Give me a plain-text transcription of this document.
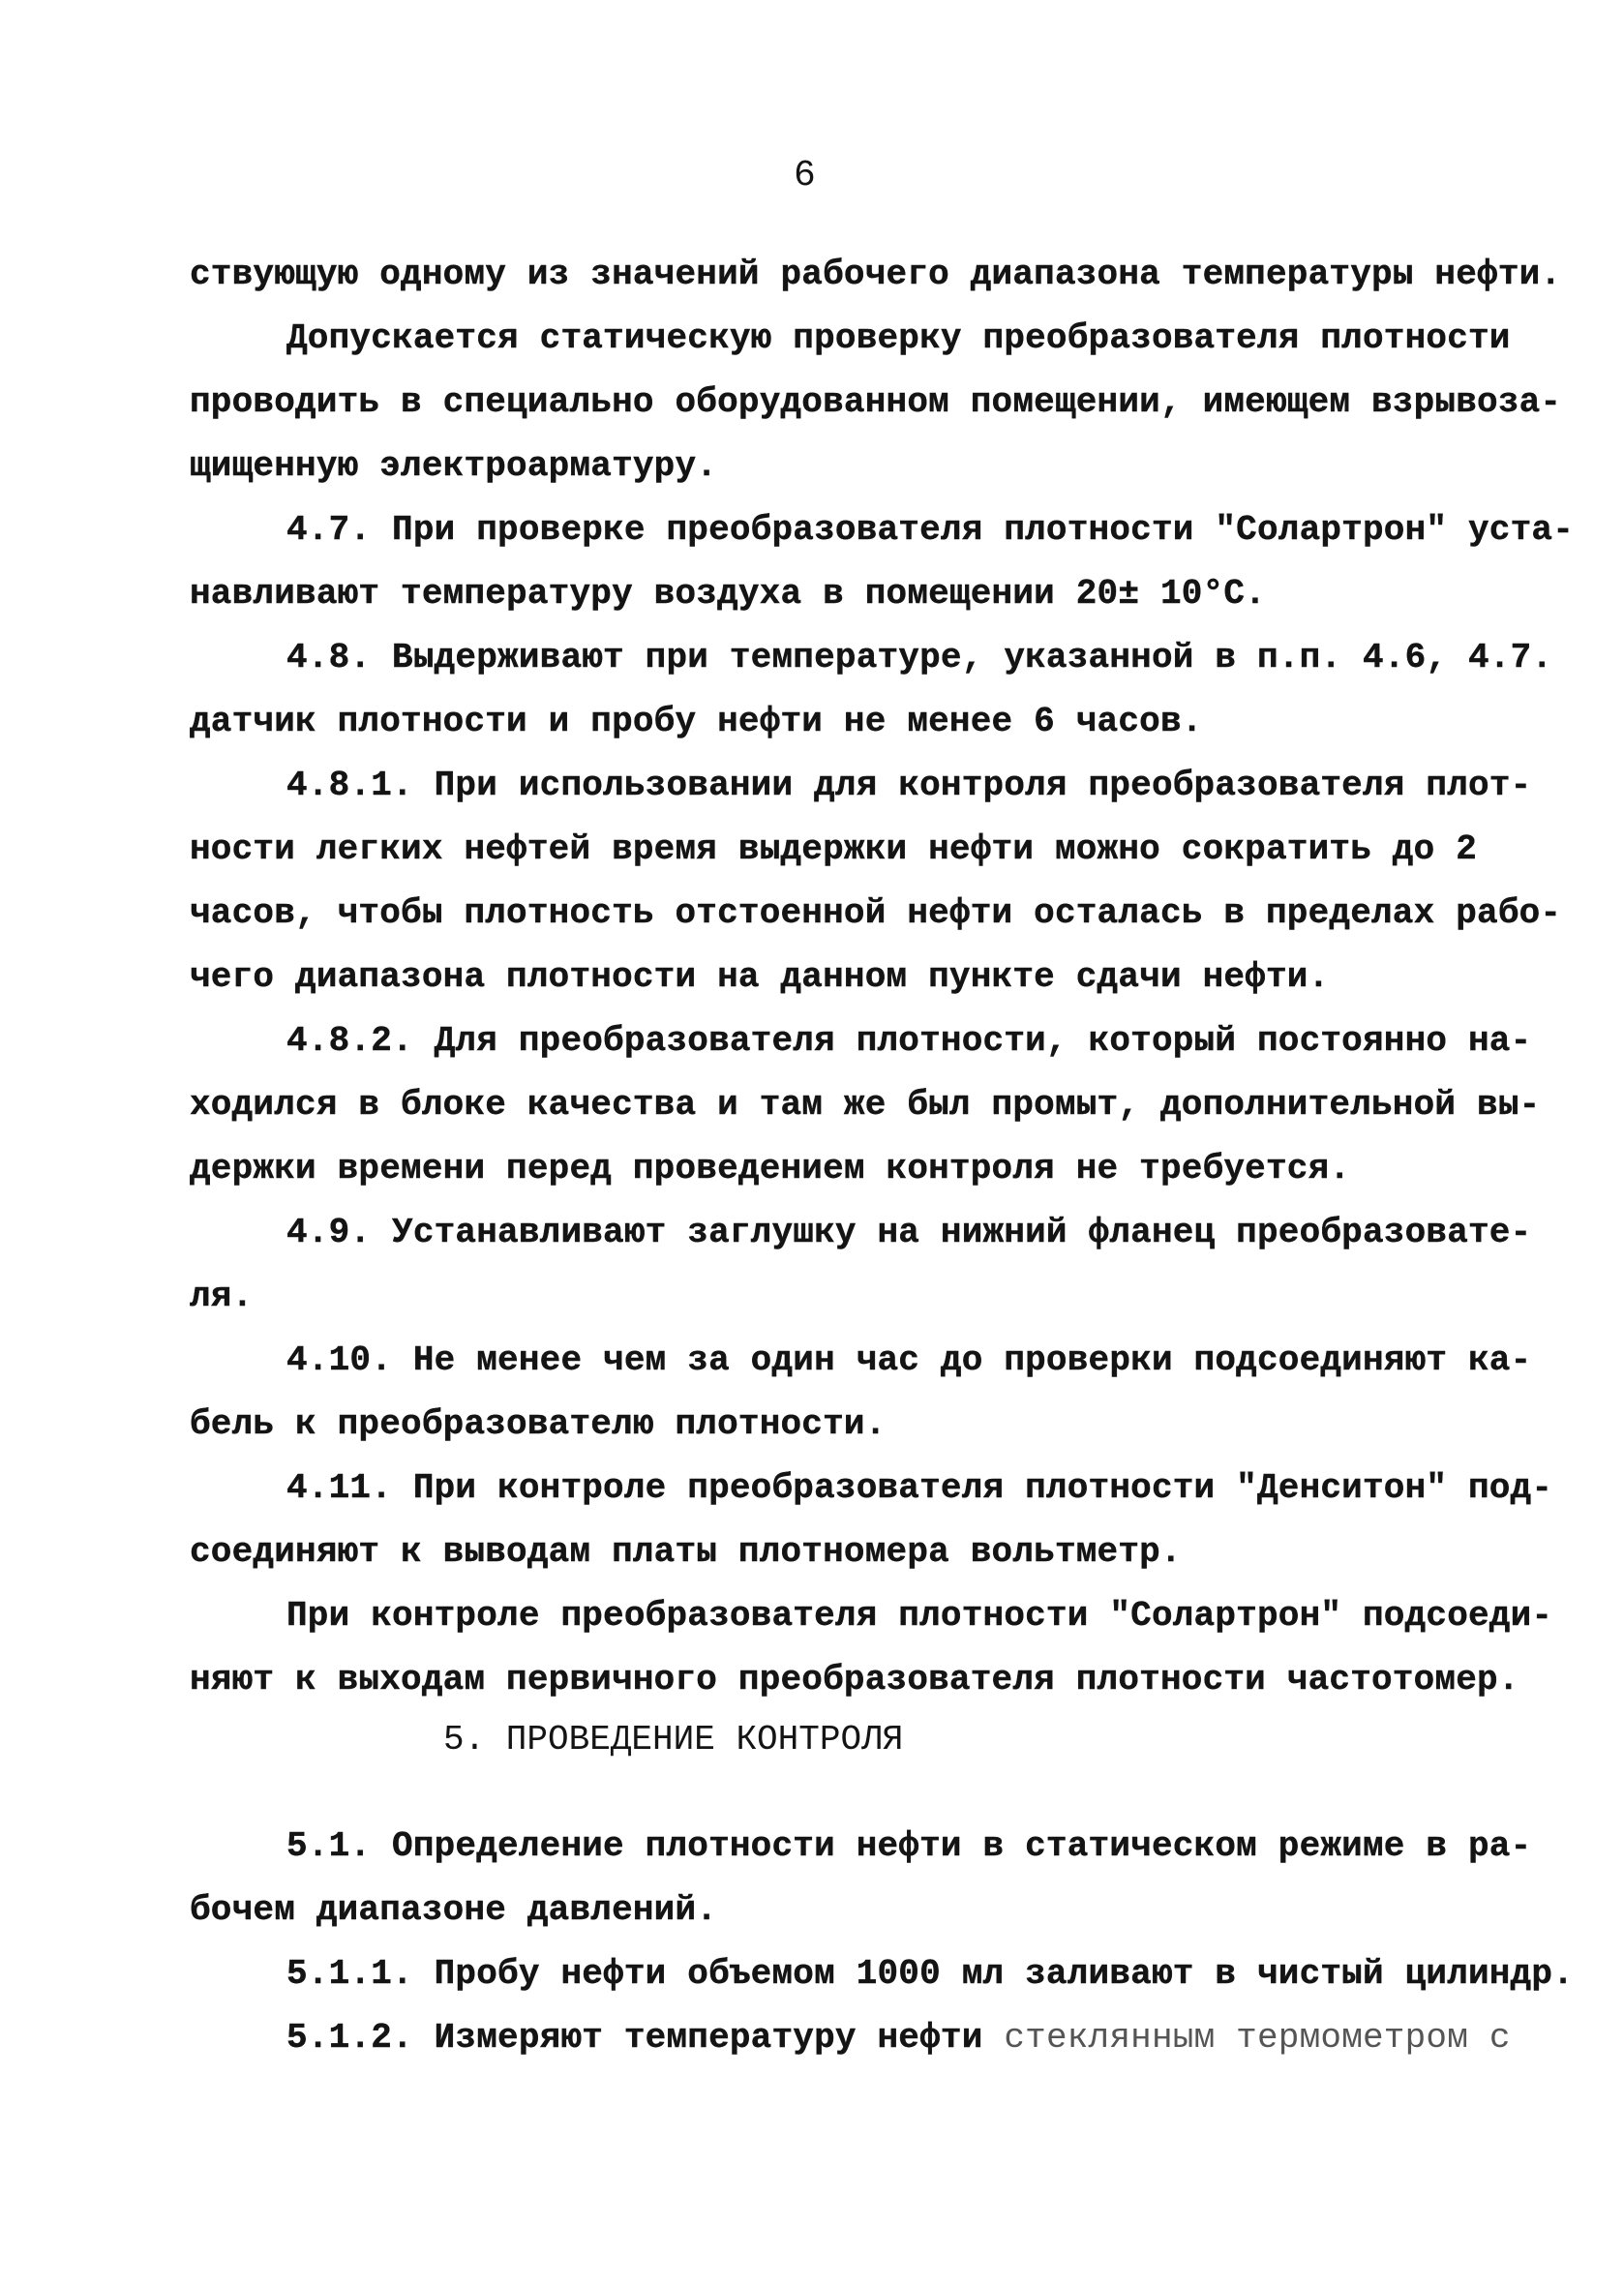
6
ствующую одному из значений рабочего диапазона температуры нефти.
Допускается статическую проверку преобразователя плотности
проводить в специально оборудованном помещении, имеющем взрывоза-
щищенную электроарматуру.
4.7. При проверке преобразователя плотности "Солартрон" уста-
навливают температуру воздуха в помещении 20± 10°C.
4.8. Выдерживают при температуре, указанной в п.п. 4.6, 4.7.
датчик плотности и пробу нефти не менее 6 часов.
4.8.1. При использовании для контроля преобразователя плот-
ности легких нефтей время выдержки нефти можно сократить до 2
часов, чтобы плотность отстоенной нефти осталась в пределах рабо-
чего диапазона плотности на данном пункте сдачи нефти.
4.8.2. Для преобразователя плотности, который постоянно на-
ходился в блоке качества и там же был промыт, дополнительной вы-
держки времени перед проведением контроля не требуется.
4.9. Устанавливают заглушку на нижний фланец преобразовате-
ля.
4.10. Не менее чем за один час до проверки подсоединяют ка-
бель к преобразователю плотности.
4.11. При контроле преобразователя плотности "Денситон" под-
соединяют к выводам платы плотномера вольтметр.
При контроле преобразователя плотности "Солартрон" подсоеди-
няют к выходам первичного преобразователя плотности частотомер.
5. ПРОВЕДЕНИЕ КОНТРОЛЯ
5.1. Определение плотности нефти в статическом режиме в ра-
бочем диапазоне давлений.
5.1.1. Пробу нефти объемом 1000 мл заливают в чистый цилиндр.
5.1.2. Измеряют температуру нефти стеклянным термометром с
